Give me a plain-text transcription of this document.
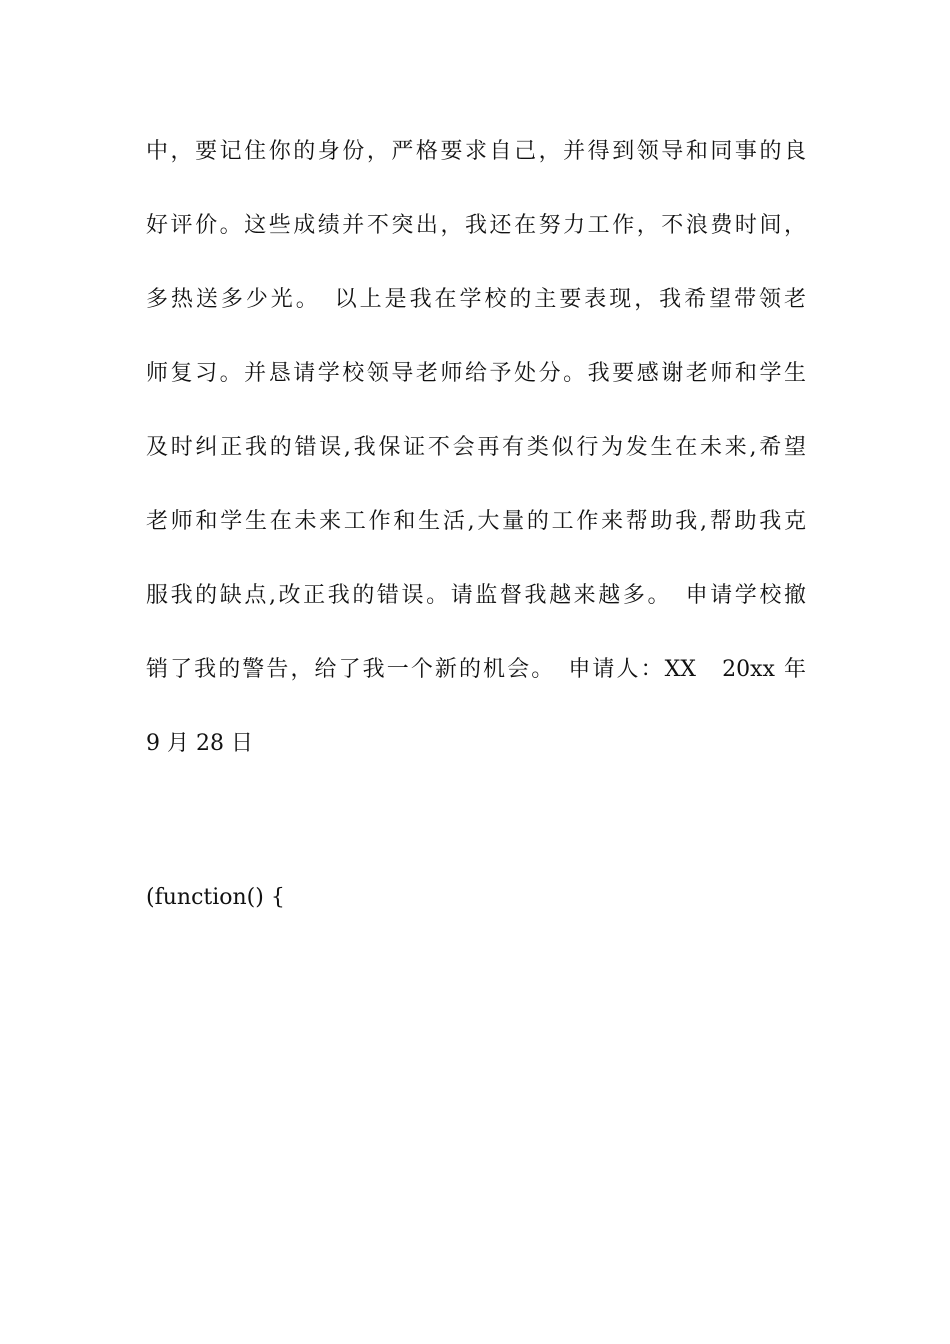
中，要记住你的身份，严格要求自己，并得到领导和同事的良
好评价。这些成绩并不突出，我还在努力工作，不浪费时间，
多热送多少光。　以上是我在学校的主要表现，我希望带领老
师复习。并恳请学校领导老师给予处分。我要感谢老师和学生
及时纠正我的错误,我保证不会再有类似行为发生在未来,希望
老师和学生在未来工作和生活,大量的工作来帮助我,帮助我克
服我的缺点,改正我的错误。请监督我越来越多。　申请学校撤
销了我的警告，给了我一个新的机会。　申请人：XX　20xx 年
9 月 28 日
(function() {
